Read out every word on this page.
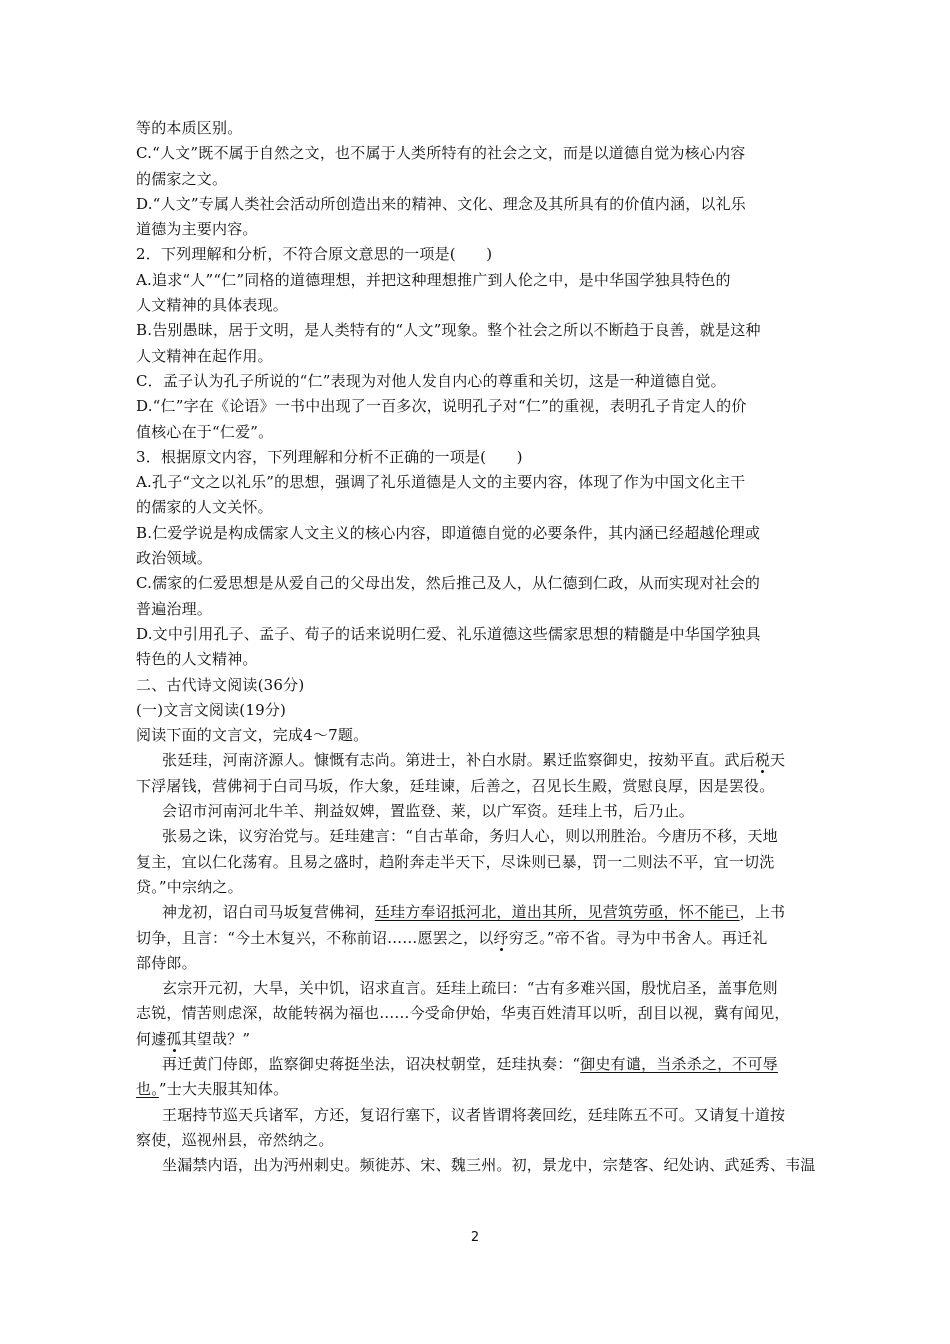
等的本质区别。
C.“人文”既不属于自然之文，也不属于人类所特有的社会之文，而是以道德自觉为核心内容
的儒家之文。
D.“人文”专属人类社会活动所创造出来的精神、文化、理念及其所具有的价值内涵，以礼乐
道德为主要内容。
2．下列理解和分析，不符合原文意思的一项是(　　)
A.追求“人”“仁”同格的道德理想，并把这种理想推广到人伦之中，是中华国学独具特色的
人文精神的具体表现。
B.告别愚昧，居于文明，是人类特有的“人文”现象。整个社会之所以不断趋于良善，就是这种
人文精神在起作用。
C．孟子认为孔子所说的“仁”表现为对他人发自内心的尊重和关切，这是一种道德自觉。
D.“仁”字在《论语》一书中出现了一百多次，说明孔子对“仁”的重视，表明孔子肯定人的价
值核心在于“仁爱”。
3．根据原文内容，下列理解和分析不正确的一项是(　　)
A.孔子“文之以礼乐”的思想，强调了礼乐道德是人文的主要内容，体现了作为中国文化主干
的儒家的人文关怀。
B.仁爱学说是构成儒家人文主义的核心内容，即道德自觉的必要条件，其内涵已经超越伦理或
政治领域。
C.儒家的仁爱思想是从爱自己的父母出发，然后推己及人，从仁德到仁政，从而实现对社会的
普遍治理。
D.文中引用孔子、孟子、荀子的话来说明仁爱、礼乐道德这些儒家思想的精髓是中华国学独具
特色的人文精神。
二、古代诗文阅读(36分)
(一)文言文阅读(19分)
阅读下面的文言文，完成4～7题。
张廷珪，河南济源人。慷慨有志尚。第进士，补白水尉。累迁监察御史，按劾平直。武后税天
下浮屠钱，营佛祠于白司马坂，作大象，廷珪谏，后善之，召见长生殿，赏慰良厚，因是罢役。
会诏市河南河北牛羊、荆益奴婢，置监登、莱，以广军资。廷珪上书，后乃止。
张易之诛，议穷治党与。廷珪建言：“自古革命，务归人心，则以刑胜治。今唐历不移，天地
复主，宜以仁化荡宥。且易之盛时，趋附奔走半天下，尽诛则已暴，罚一二则法不平，宜一切洗
贷。”中宗纳之。
神龙初，诏白司马坂复营佛祠，廷珪方奉诏抵河北，道出其所，见营筑劳亟，怀不能已，上书
切争，且言：“今土木复兴，不称前诏……愿罢之，以纾穷乏。”帝不省。寻为中书舍人。再迁礼
部侍郎。
玄宗开元初，大旱，关中饥，诏求直言。廷珪上疏曰：“古有多难兴国，殷忧启圣，盖事危则
志锐，情苦则虑深，故能转祸为福也……今受命伊始，华夷百姓清耳以听，刮目以视，冀有闻见，
何遽孤其望哉？”
再迁黄门侍郎，监察御史蒋挺坐法，诏决杖朝堂，廷珪执奏：“御史有谴，当杀杀之，不可辱
也。”士大夫服其知体。
王琚持节巡天兵诸军，方还，复诏行塞下，议者皆谓将袭回纥，廷珪陈五不可。又请复十道按
察使，巡视州县，帝然纳之。
坐漏禁内语，出为沔州刺史。频徙苏、宋、魏三州。初，景龙中，宗楚客、纪处讷、武延秀、韦温
2
